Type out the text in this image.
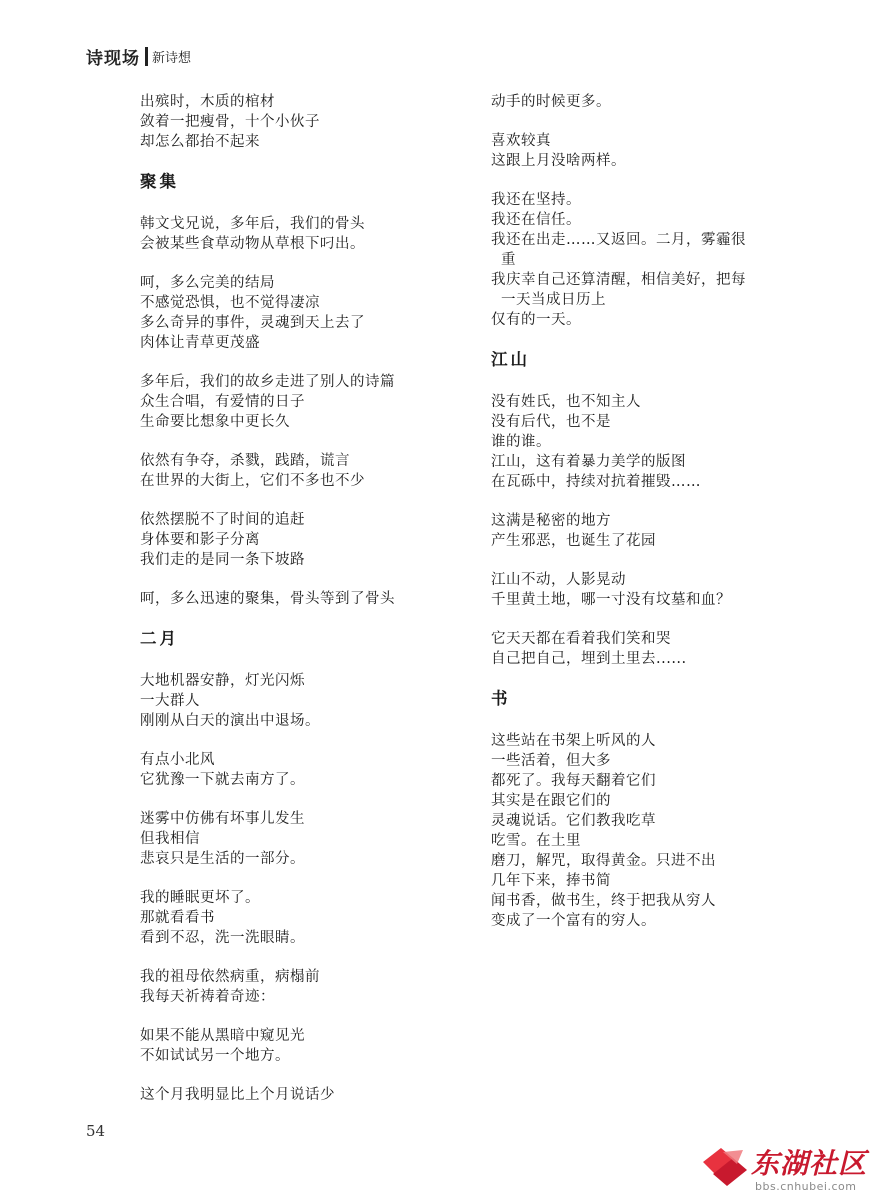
诗现场 新诗想
出殡时，木质的棺材
敛着一把瘦骨，十个小伙子
却怎么都抬不起来
聚集
韩文戈兄说，多年后，我们的骨头
会被某些食草动物从草根下叼出。
呵，多么完美的结局
不感觉恐惧，也不觉得凄凉
多么奇异的事件，灵魂到天上去了
肉体让青草更茂盛
多年后，我们的故乡走进了别人的诗篇
众生合唱，有爱情的日子
生命要比想象中更长久
依然有争夺，杀戮，践踏，谎言
在世界的大街上，它们不多也不少
依然摆脱不了时间的追赶
身体要和影子分离
我们走的是同一条下坡路
呵，多么迅速的聚集，骨头等到了骨头
二月
大地机器安静，灯光闪烁
一大群人
刚刚从白天的演出中退场。
有点小北风
它犹豫一下就去南方了。
迷雾中仿佛有坏事儿发生
但我相信
悲哀只是生活的一部分。
我的睡眠更坏了。
那就看看书
看到不忍，洗一洗眼睛。
我的祖母依然病重，病榻前
我每天祈祷着奇迹：
如果不能从黑暗中窥见光
不如试试另一个地方。
这个月我明显比上个月说话少
动手的时候更多。
喜欢较真
这跟上月没啥两样。
我还在坚持。
我还在信任。
我还在出走……又返回。二月，雾霾很
重
我庆幸自己还算清醒，相信美好，把每
一天当成日历上
仅有的一天。
江山
没有姓氏，也不知主人
没有后代，也不是
谁的谁。
江山，这有着暴力美学的版图
在瓦砾中，持续对抗着摧毁……
这满是秘密的地方
产生邪恶，也诞生了花园
江山不动，人影晃动
千里黄土地，哪一寸没有坟墓和血？
它天天都在看着我们笑和哭
自己把自己，埋到土里去......
书
这些站在书架上听风的人
一些活着，但大多
都死了。我每天翻着它们
其实是在跟它们的
灵魂说话。它们教我吃草
吃雪。在土里
磨刀，解咒，取得黄金。只进不出
几年下来，捧书简
闻书香，做书生，终于把我从穷人
变成了一个富有的穷人。
54
东湖社区
bbs.cnhubei.com
